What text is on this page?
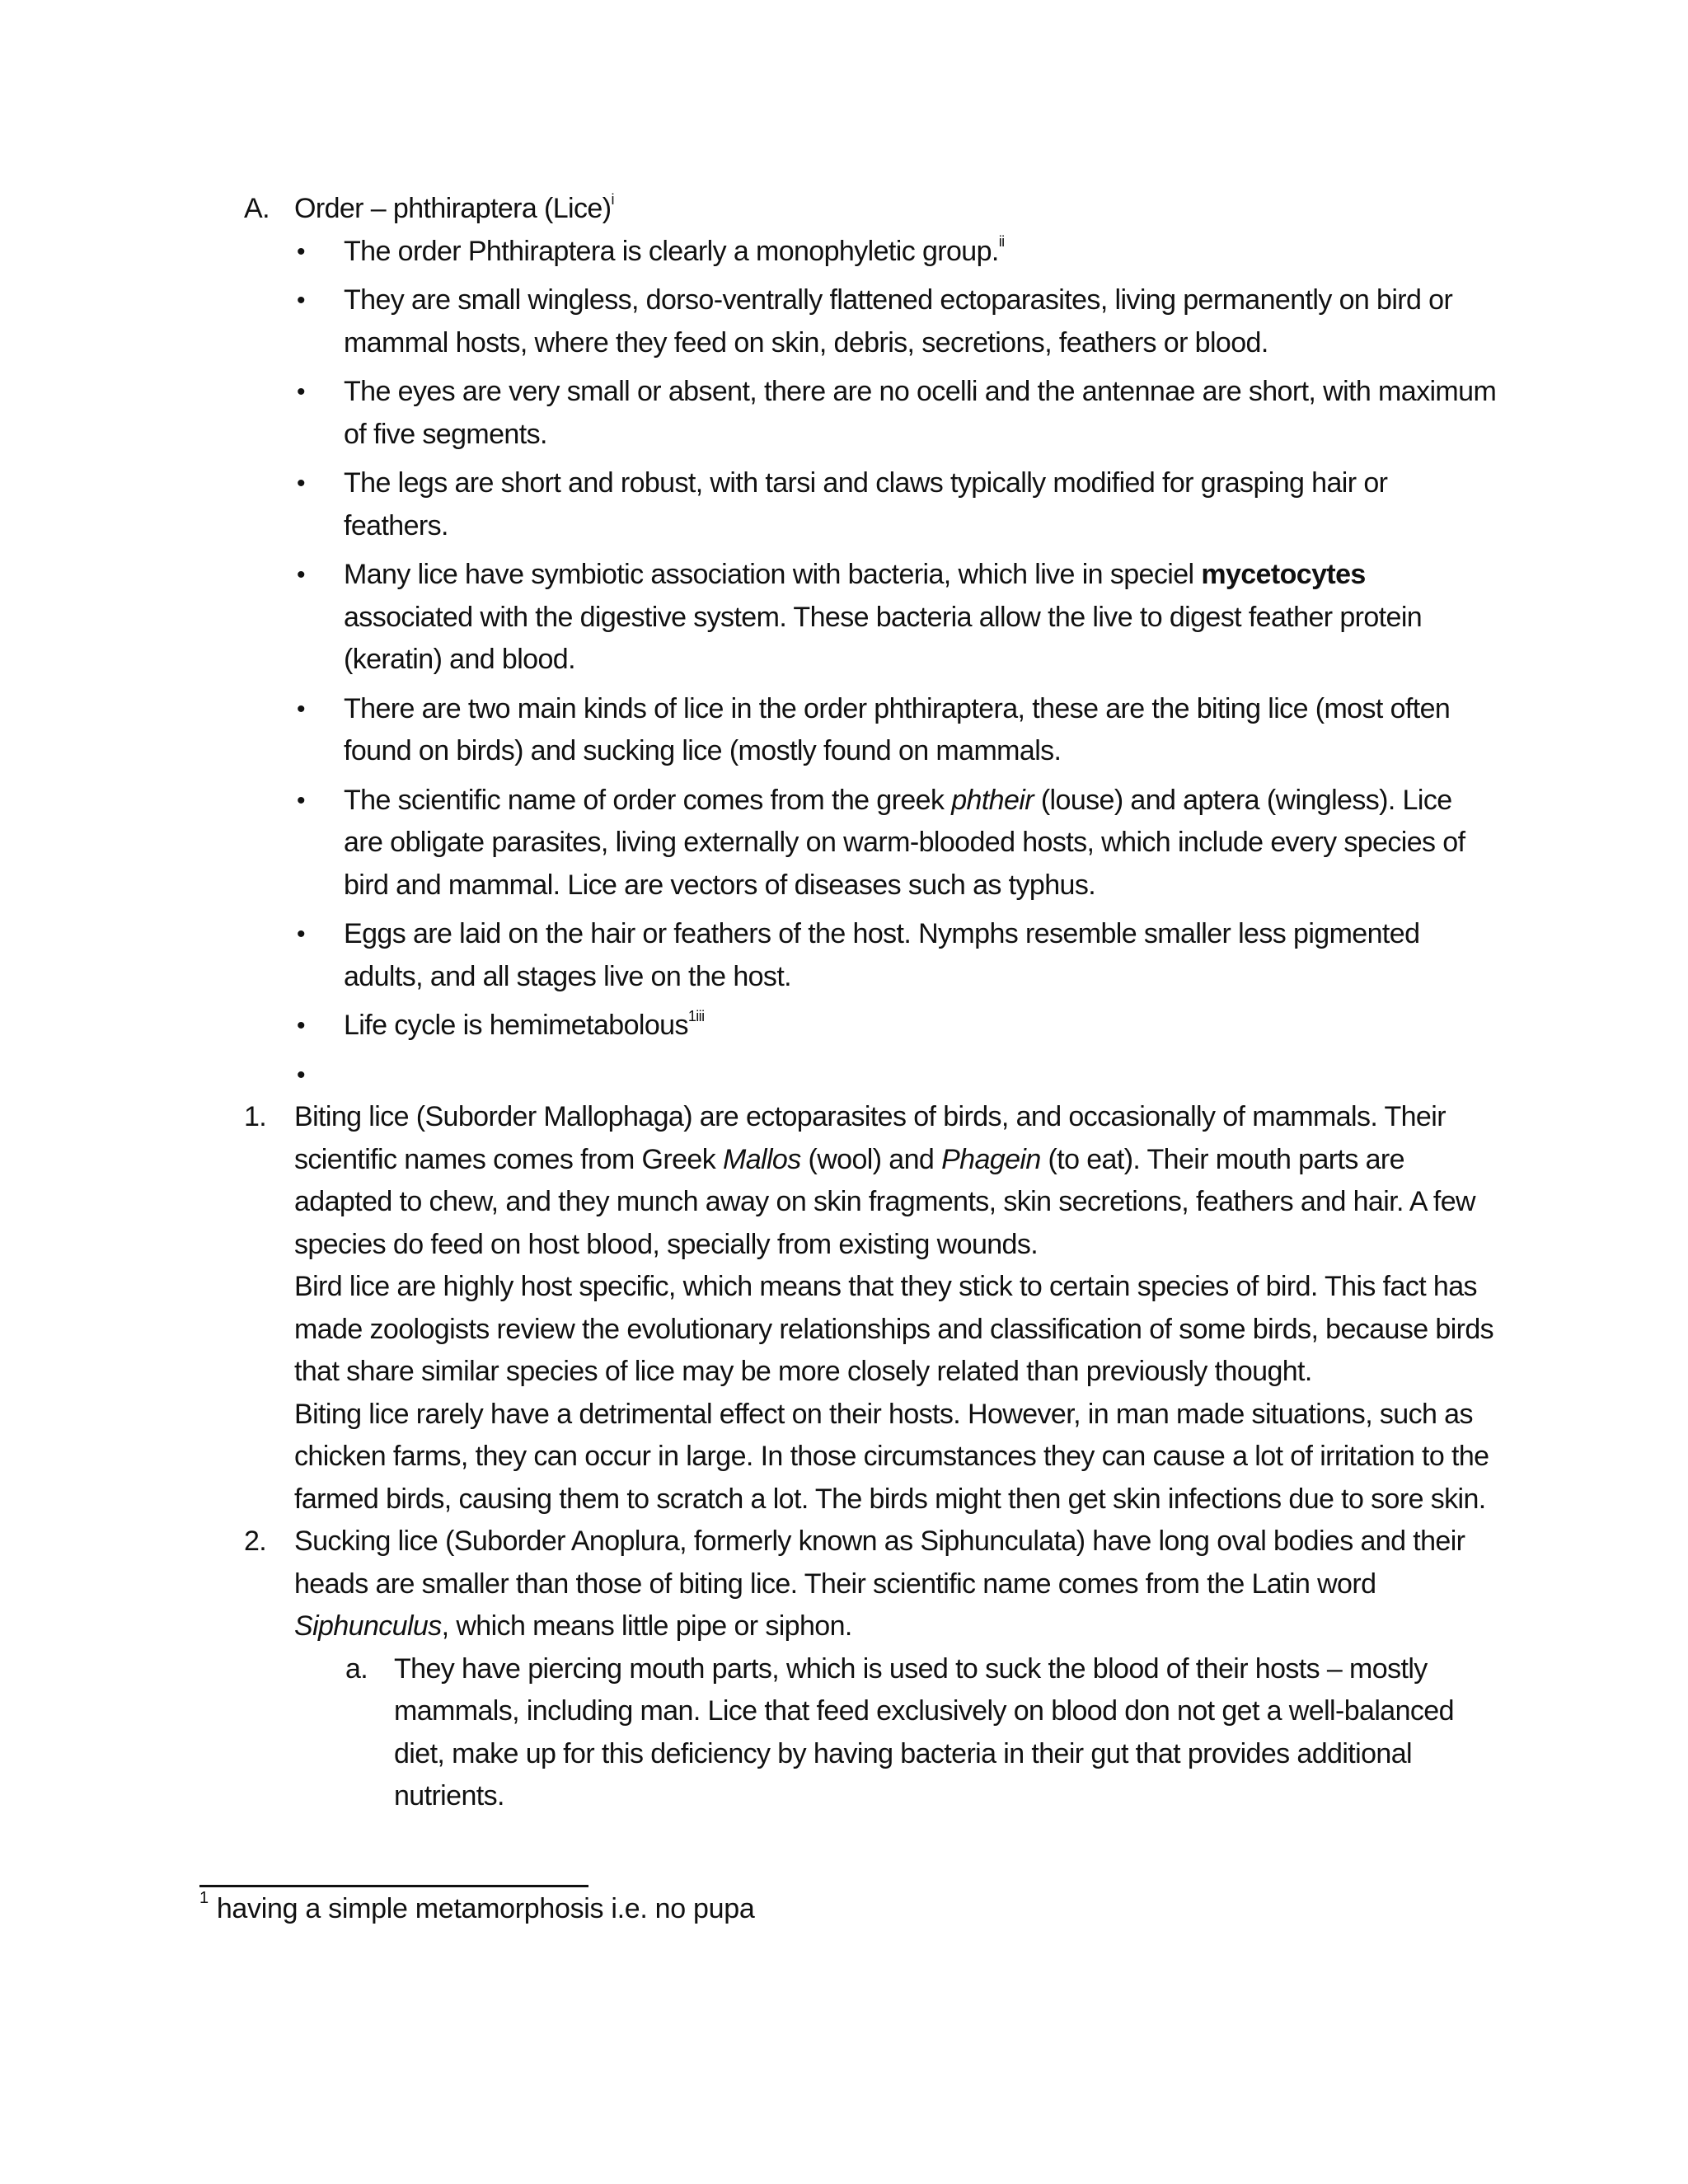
A. Order – phthiraptera (Lice)$^i$
• The order Phthiraptera is clearly a monophyletic group.$^{ii}$
• They are small wingless, dorso-ventrally flattened ectoparasites, living permanently on bird or mammal hosts, where they feed on skin, debris, secretions, feathers or blood.
• The eyes are very small or absent, there are no ocelli and the antennae are short, with maximum of five segments.
• The legs are short and robust, with tarsi and claws typically modified for grasping hair or feathers.
• Many lice have symbiotic association with bacteria, which live in speciel mycetocytes associated with the digestive system. These bacteria allow the live to digest feather protein (keratin) and blood.
• There are two main kinds of lice in the order phthiraptera, these are the biting lice (most often found on birds) and sucking lice (mostly found on mammals.
• The scientific name of order comes from the greek phtheir (louse) and aptera (wingless). Lice are obligate parasites, living externally on warm-blooded hosts, which include every species of bird and mammal. Lice are vectors of diseases such as typhus.
• Eggs are laid on the hair or feathers of the host. Nymphs resemble smaller less pigmented adults, and all stages live on the host.
• Life cycle is hemimetabolous$^{1iii}$
•

1. Biting lice (Suborder Mallophaga) are ectoparasites of birds, and occasionally of mammals. Their scientific names comes from Greek Mallos (wool) and Phagein (to eat). Their mouth parts are adapted to chew, and they munch away on skin fragments, skin secretions, feathers and hair. A few species do feed on host blood, specially from existing wounds.
Bird lice are highly host specific, which means that they stick to certain species of bird. This fact has made zoologists review the evolutionary relationships and classification of some birds, because birds that share similar species of lice may be more closely related than previously thought.
Biting lice rarely have a detrimental effect on their hosts. However, in man made situations, such as chicken farms, they can occur in large. In those circumstances they can cause a lot of irritation to the farmed birds, causing them to scratch a lot. The birds might then get skin infections due to sore skin.
2. Sucking lice (Suborder Anoplura, formerly known as Siphunculata) have long oval bodies and their heads are smaller than those of biting lice. Their scientific name comes from the Latin word Siphunculus, which means little pipe or siphon.
a. They have piercing mouth parts, which is used to suck the blood of their hosts – mostly mammals, including man. Lice that feed exclusively on blood don not get a well-balanced diet, make up for this deficiency by having bacteria in their gut that provides additional nutrients.
$^1$ having a simple metamorphosis i.e. no pupa
